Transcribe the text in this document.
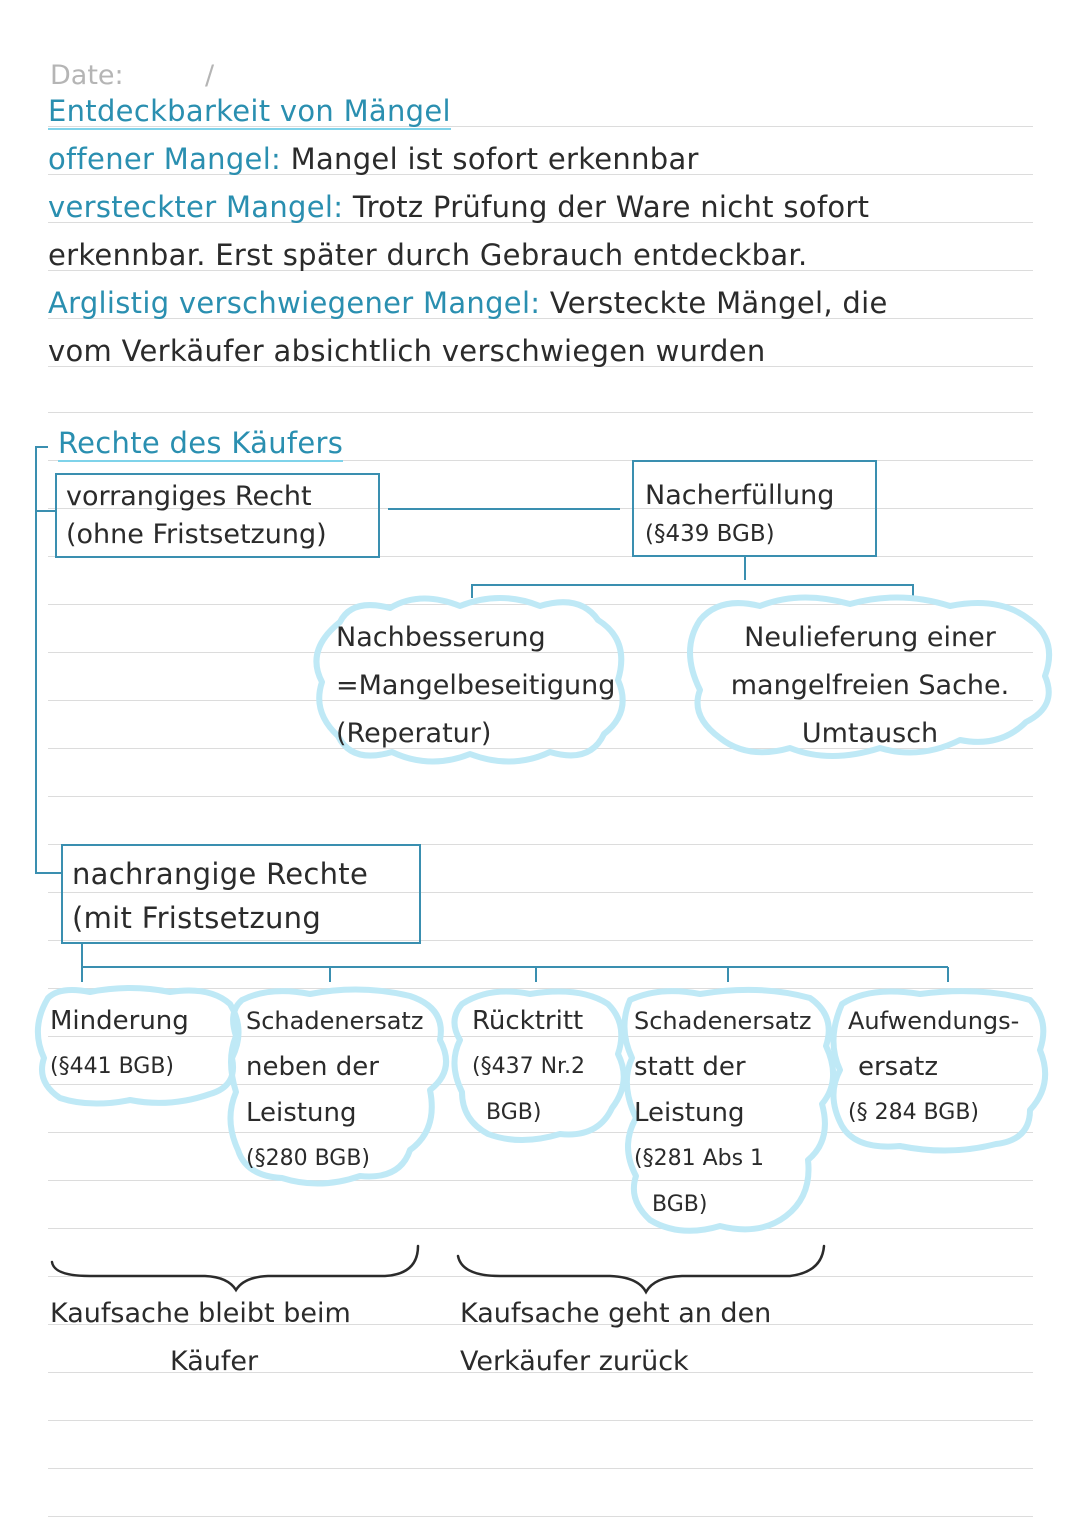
Date:	/
Entdeckbarkeit von Mängel
offener Mangel: Mangel ist sofort erkennbar
versteckter Mangel: Trotz Prüfung der Ware nicht sofort
erkennbar. Erst später durch Gebrauch entdeckbar.
Arglistig verschwiegener Mangel: Versteckte Mängel, die
vom Verkäufer absichtlich verschwiegen wurden
Rechte des Käufers
vorrangiges Recht
(ohne Fristsetzung)
Nacherfüllung
(§439 BGB)
Nachbesserung
=Mangelbeseitigung
(Reperatur)
Neulieferung einer
mangelfreien Sache.
Umtausch
nachrangige Rechte
(mit Fristsetzung
Minderung
(§441 BGB)
Schadenersatz
neben der
Leistung
(§280 BGB)
Rücktritt
(§437 Nr.2
BGB)
Schadenersatz
statt der
Leistung
(§281 Abs 1
BGB)
Aufwendungs-
ersatz
(§ 284 BGB)
Kaufsache bleibt beim
Käufer
Kaufsache geht an den
Verkäufer zurück
